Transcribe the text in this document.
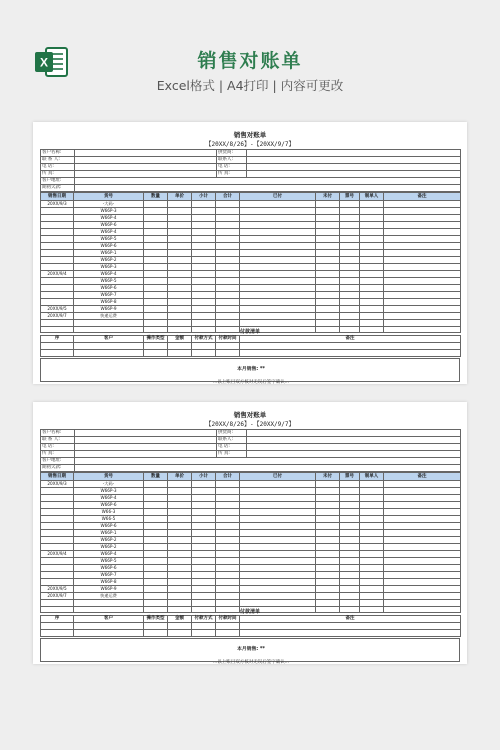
X	销售对账单
Excel格式 | A4打印 | 内容可更改
销售对账单
【20XX/8/26】-【20XX/9/7】
客户名称:		供货商:	
联 系 人:		联系人:	
电 话:		电 话:	
传 真:		传 真:	
客户地址:			
期初欠款:			
销售日期	货号	数量	单价	小计	合计	已付	未付	票号	制单人	备注
20XX/9/3	-大码-									
	W66P-3									
	W66P-4									
	W66P-6									
	W66P-4									
	W66P-5									
	W66P-6									
	W66P-1									
	W66P-2									
	W66P-3									
20XX/9/4	W66P-4									
	W66P-5									
	W66P-6									
	W66P-7									
	W66P-8									
20XX/9/5	W66P-9									
20XX/9/7	快递运费									

付款清单
序	客户	操作类型	金额	付款方式	付款时间	备注

本月销售: **
...以上账目双方核对无误后签字确认...
销售对账单
【20XX/8/26】-【20XX/9/7】
客户名称:		供货商:	
联 系 人:		联系人:	
电 话:		电 话:	
传 真:		传 真:	
客户地址:			
期初欠款:			
销售日期	货号	数量	单价	小计	合计	已付	未付	票号	制单人	备注
20XX/9/3	-大码-									
	W66P-3									
	W66P-4									
	W66P-6									
	W66-3									
	W66-5									
	W66P-6									
	W66P-1									
	W66P-2									
	W66P-2									
20XX/9/4	W66P-4									
	W66P-5									
	W66P-6									
	W66P-7									
	W66P-8									
20XX/9/5	W66P-9									
20XX/9/7	快递运费									

付款清单
序	客户	操作类型	金额	付款方式	付款时间	备注

本月销售: **
...以上账目双方核对无误后签字确认...
